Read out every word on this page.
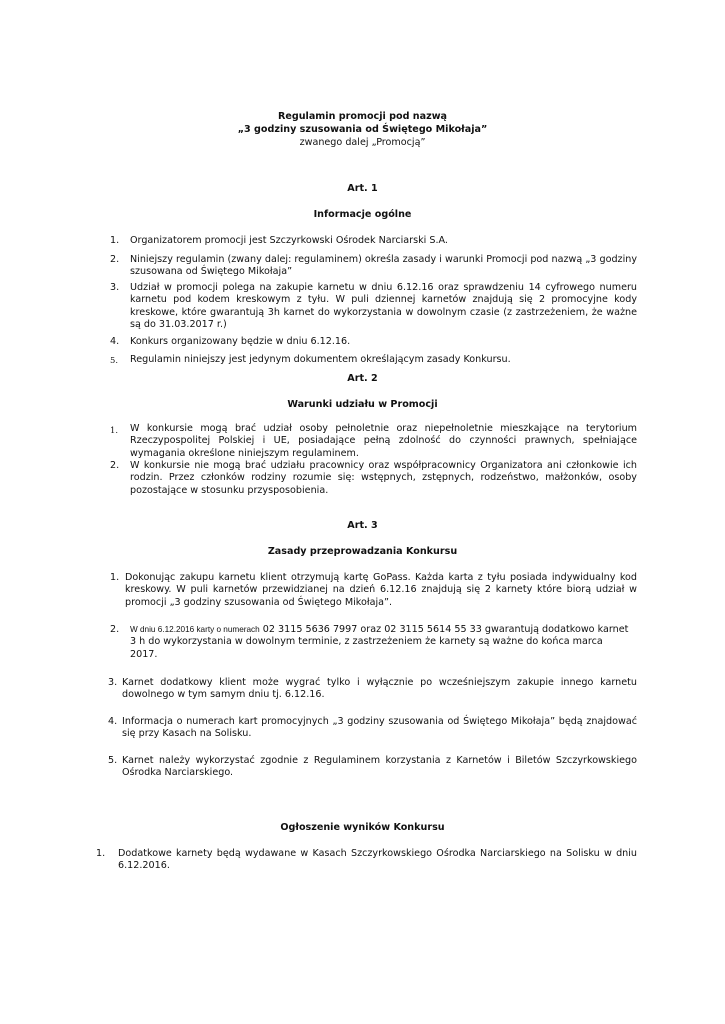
Regulamin promocji pod nazwą
„3 godziny szusowania od Świętego Mikołaja”
zwanego dalej „Promocją”
Art. 1
Informacje ogólne
1. Organizatorem promocji jest Szczyrkowski Ośrodek Narciarski S.A.
2. Niniejszy regulamin (zwany dalej: regulaminem) określa zasady i warunki Promocji pod nazwą „3 godziny szusowana od Świętego Mikołaja”
3. Udział w promocji polega na zakupie karnetu w dniu 6.12.16 oraz sprawdzeniu 14 cyfrowego numeru karnetu pod kodem kreskowym z tyłu. W puli dziennej karnetów znajdują się 2 promocyjne kody kreskowe, które gwarantują 3h karnet do wykorzystania w dowolnym czasie (z zastrzeżeniem, że ważne są do 31.03.2017 r.)
4. Konkurs organizowany będzie w dniu 6.12.16.
5. Regulamin niniejszy jest jedynym dokumentem określającym zasady Konkursu.
Art. 2
Warunki udziału w Promocji
1. W konkursie mogą brać udział osoby pełnoletnie oraz niepełnoletnie mieszkające na terytorium Rzeczypospolitej Polskiej i UE, posiadające pełną zdolność do czynności prawnych, spełniające wymagania określone niniejszym regulaminem.
2. W konkursie nie mogą brać udziału pracownicy oraz współpracownicy Organizatora ani członkowie ich rodzin. Przez członków rodziny rozumie się: wstępnych, zstępnych, rodzeństwo, małżonków, osoby pozostające w stosunku przysposobienia.
Art. 3
Zasady przeprowadzania Konkursu
1. Dokonując zakupu karnetu klient otrzymują kartę GoPass. Każda karta z tyłu posiada indywidualny kod kreskowy. W puli karnetów przewidzianej na dzień 6.12.16 znajdują się 2 karnety które biorą udział w promocji „3 godziny szusowania od Świętego Mikołaja”.
2. W dniu 6.12.2016 karty o numerach 02 3115 5636 7997 oraz 02 3115 5614 55 33 gwarantują dodatkowo karnet 3 h do wykorzystania w dowolnym terminie, z zastrzeżeniem że karnety są ważne do końca marca 2017.
3. Karnet dodatkowy klient może wygrać tylko i wyłącznie po wcześniejszym zakupie innego karnetu dowolnego w tym samym dniu tj. 6.12.16.
4. Informacja o numerach kart promocyjnych „3 godziny szusowania od Świętego Mikołaja” będą znajdować się przy Kasach na Solisku.
5. Karnet należy wykorzystać zgodnie z Regulaminem korzystania z Karnetów i Biletów Szczyrkowskiego Ośrodka Narciarskiego.
Ogłoszenie wyników Konkursu
1. Dodatkowe karnety będą wydawane w Kasach Szczyrkowskiego Ośrodka Narciarskiego na Solisku w dniu 6.12.2016.
